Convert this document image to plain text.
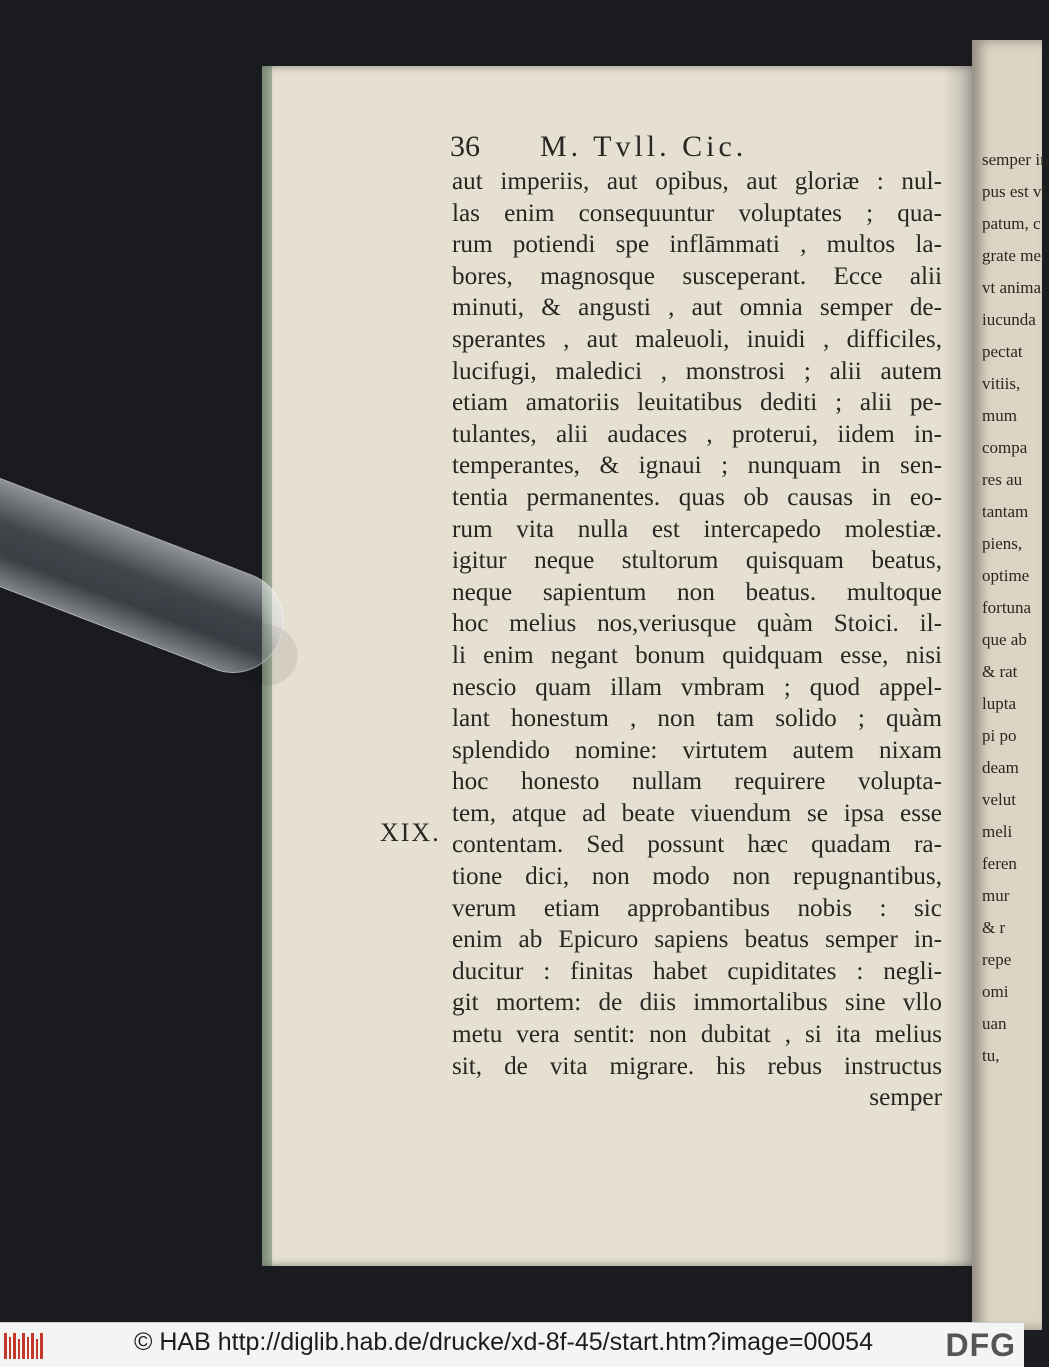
semper in
pus est vl
patum, c
grate me
vt anima
iucunda
pectat
vitiis,
mum
compa
res au
tantam
piens,
optime
fortuna
que ab
& rat
lupta
pi po
deam
velut
meli
feren
mur
& r
repe
omi
uan
tu,
36 M. Tvll. Cic.
XIX.
aut imperiis, aut opibus, aut gloriæ : nul-
las enim consequuntur voluptates ; qua-
rum potiendi spe inflāmmati , multos la-
bores, magnosque susceperant. Ecce alii
minuti, & angusti , aut omnia semper de-
sperantes , aut maleuoli, inuidi , difficiles,
lucifugi, maledici , monstrosi ; alii autem
etiam amatoriis leuitatibus dediti ; alii pe-
tulantes, alii audaces , proterui, iidem in-
temperantes, & ignaui ; nunquam in sen-
tentia permanentes. quas ob causas in eo-
rum vita nulla est intercapedo molestiæ.
igitur neque stultorum quisquam beatus,
neque sapientum non beatus. multoque
hoc melius nos,veriusque quàm Stoici. il-
li enim negant bonum quidquam esse, nisi
nescio quam illam vmbram ; quod appel-
lant honestum , non tam solido ; quàm
splendido nomine: virtutem autem nixam
hoc honesto nullam requirere volupta-
tem, atque ad beate viuendum se ipsa esse
contentam. Sed possunt hæc quadam ra-
tione dici, non modo non repugnantibus,
verum etiam approbantibus nobis : sic
enim ab Epicuro sapiens beatus semper in-
ducitur : finitas habet cupiditates : negli-
git mortem: de diis immortalibus sine vllo
metu vera sentit: non dubitat , si ita melius
sit, de vita migrare. his rebus instructus
semper
© HAB http://diglib.hab.de/drucke/xd-8f-45/start.htm?image=00054 DFG
